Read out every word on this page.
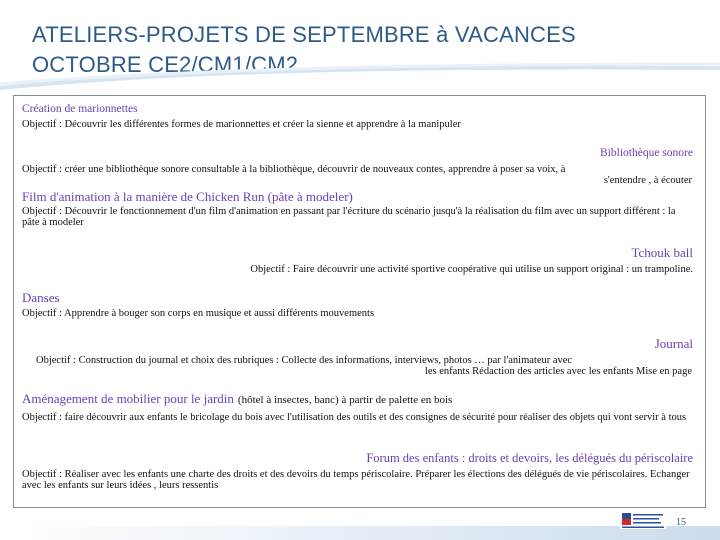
ATELIERS-PROJETS DE SEPTEMBRE à VACANCES
OCTOBRE CE2/CM1/CM2
Création de marionnettes
Objectif : Découvrir les différentes formes de marionnettes et créer la sienne et apprendre à la manipuler
Bibliothèque sonore
Objectif : créer une bibliothèque sonore consultable à la bibliothèque, découvrir de nouveaux contes, apprendre à poser sa voix, à
s'entendre , à écouter
Film d'animation à la manière de Chicken Run (pâte à modeler)
Objectif : Découvrir le fonctionnement d'un film d'animation en passant par l'écriture du scénario jusqu'à la réalisation du film avec un support différent : la pâte à modeler
Tchouk ball
Objectif : Faire découvrir une activité sportive coopérative qui utilise un support original : un trampoline.
Danses
Objectif : Apprendre à bouger son corps en musique et aussi différents mouvements
Journal
Objectif : Construction du journal et choix des rubriques : Collecte des informations, interviews, photos … par l'animateur avec
les enfants Rédaction des articles avec les enfants Mise en page
Aménagement de mobilier pour le jardin (hôtel à insectes, banc) à partir de palette en bois
Objectif : faire découvrir aux enfants le bricolage du bois avec l'utilisation des outils et des consignes de sécurité pour réaliser des objets qui vont servir à tous
Forum des enfants : droits et devoirs, les délégués du périscolaire
Objectif : Réaliser avec les enfants une charte des droits et des devoirs du temps périscolaire. Préparer les élections des délégués de vie périscolaires. Echanger avec les enfants sur leurs idées , leurs ressentis
15
